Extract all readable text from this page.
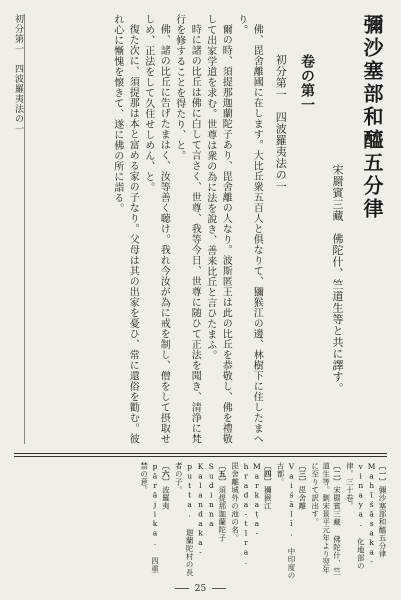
彌沙塞部和醯五分律
宋罽賓三藏　佛陀什、竺道生等と共に譯す。
卷の第一
初分第一　四波羅夷法の一

佛、毘舍離國に在します。大比丘衆五百人と俱なりて、獼猴江の邊、林樹下に住したまへり。

爾の時、須提那迦蘭陀子あり、毘舍離の人なり。波斯匿王は此の比丘を恭敬し、佛を禮敬して出家学道を求む。世尊は衆の為に法を說き、善来比丘と言ひたまふ。

時に諸の比丘は佛に白して言さく、世尊、我等今日、世尊に随ひて正法を聞き、清浄に梵行を修することを得たり、と。

佛、諸の比丘に告げたまはく、汝等善く聴け。我れ今汝が為に戒を制し、僧をして摂取せしめ、正法をして久住せしめん、と。

復た次に、須提那は本と富める家の子なり。父母は其の出家を憂ひ、常に還俗を勸む。彼れ心に慚愧を懐きて、遂に佛の所に詣る。

初分第一　四波羅夷法の一

〔一〕彌沙塞部和醯五分律 Mahīśāsaka-vinaya. 化地部の律。三十卷。

〔二〕宋罽賓三藏 佛陀什、竺道生等。劉宋景平元年より翌年に至りて訳出す。

〔三〕毘舍離 Vaiśālī. 中印度の古都。

〔四〕獼猴江 Markaṭa-hrada-tīra. 毘舍離城外の池の名。

〔五〕須提那迦蘭陀子 Sudinna Kalandaka-putta. 迦蘭陀村の長者の子。

〔六〕波羅夷 pārājika. 四重禁の意。

25
